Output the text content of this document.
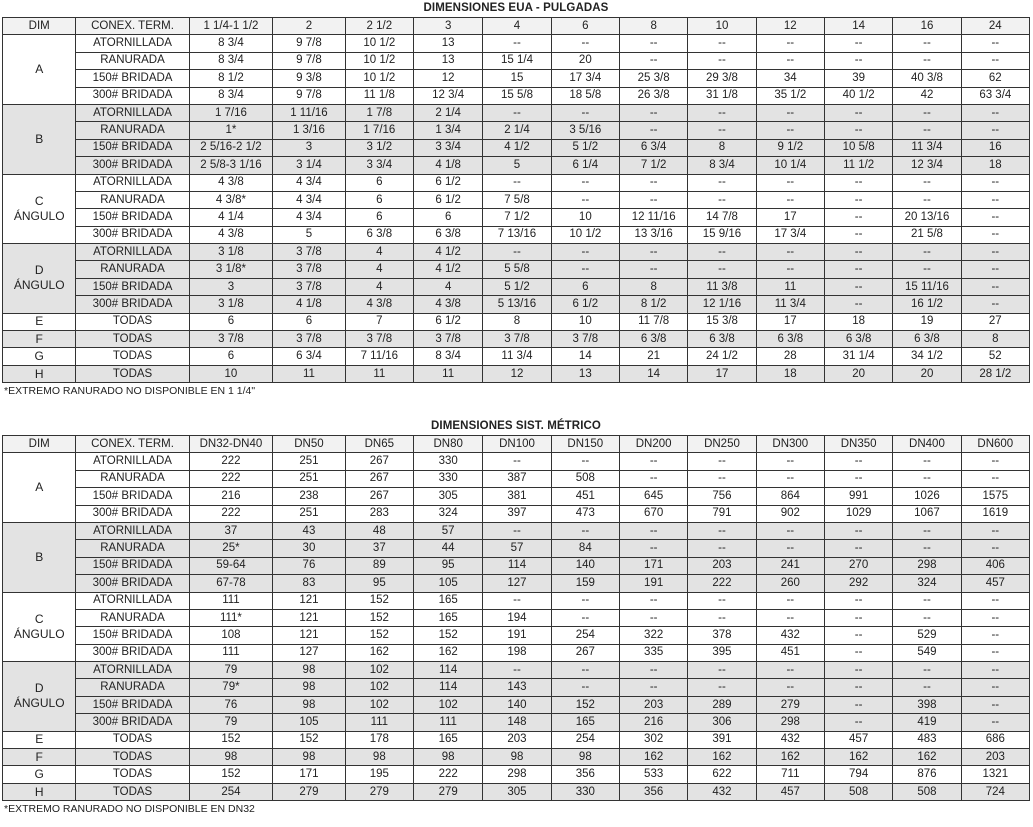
DIMENSIONES EUA - PULGADAS
DIM	CONEX. TERM.	1 1/4-1 1/2	2	2 1/2	3	4	6	8	10	12	14	16	24

A	ATORNILLADA	8 3/4	9 7/8	10 1/2	13	--	--	--	--	--	--	--	--
	RANURADA	8 3/4	9 7/8	10 1/2	13	15 1/4	20	--	--	--	--	--	--
	150# BRIDADA	8 1/2	9 3/8	10 1/2	12	15	17 3/4	25 3/8	29 3/8	34	39	40 3/8	62
	300# BRIDADA	8 3/4	9 7/8	11 1/8	12 3/4	15 5/8	18 5/8	26 3/8	31 1/8	35 1/2	40 1/2	42	63 3/4

B	ATORNILLADA	1 7/16	1 11/16	1 7/8	2 1/4	--	--	--	--	--	--	--	--
	RANURADA	1*	1 3/16	1 7/16	1 3/4	2 1/4	3 5/16	--	--	--	--	--	--
	150# BRIDADA	2 5/16-2 1/2	3	3 1/2	3 3/4	4 1/2	5 1/2	6 3/4	8	9 1/2	10 5/8	11 3/4	16
	300# BRIDADA	2 5/8-3 1/16	3 1/4	3 3/4	4 1/8	5	6 1/4	7 1/2	8 3/4	10 1/4	11 1/2	12 3/4	18

C
ÁNGULO	ATORNILLADA	4 3/8	4 3/4	6	6 1/2	--	--	--	--	--	--	--	--
	RANURADA	4 3/8*	4 3/4	6	6 1/2	7 5/8	--	--	--	--	--	--	--
	150# BRIDADA	4 1/4	4 3/4	6	6	7 1/2	10	12 11/16	14 7/8	17	--	20 13/16	--
	300# BRIDADA	4 3/8	5	6 3/8	6 3/8	7 13/16	10 1/2	13 3/16	15 9/16	17 3/4	--	21 5/8	--

D
ÁNGULO	ATORNILLADA	3 1/8	3 7/8	4	4 1/2	--	--	--	--	--	--	--	--
	RANURADA	3 1/8*	3 7/8	4	4 1/2	5 5/8	--	--	--	--	--	--	--
	150# BRIDADA	3	3 7/8	4	4	5 1/2	6	8	11 3/8	11	--	15 11/16	--
	300# BRIDADA	3 1/8	4 1/8	4 3/8	4 3/8	5 13/16	6 1/2	8 1/2	12 1/16	11 3/4	--	16 1/2	--

E	TODAS	6	6	7	6 1/2	8	10	11 7/8	15 3/8	17	18	19	27

F	TODAS	3 7/8	3 7/8	3 7/8	3 7/8	3 7/8	3 7/8	6 3/8	6 3/8	6 3/8	6 3/8	6 3/8	8

G	TODAS	6	6 3/4	7 11/16	8 3/4	11 3/4	14	21	24 1/2	28	31 1/4	34 1/2	52

H	TODAS	10	11	11	11	12	13	14	17	18	20	20	28 1/2
*EXTREMO RANURADO NO DISPONIBLE EN 1 1/4"
DIMENSIONES SIST. MÉTRICO
DIM	CONEX. TERM.	DN32-DN40	DN50	DN65	DN80	DN100	DN150	DN200	DN250	DN300	DN350	DN400	DN600

A	ATORNILLADA	222	251	267	330	--	--	--	--	--	--	--	--
	RANURADA	222	251	267	330	387	508	--	--	--	--	--	--
	150# BRIDADA	216	238	267	305	381	451	645	756	864	991	1026	1575
	300# BRIDADA	222	251	283	324	397	473	670	791	902	1029	1067	1619

B	ATORNILLADA	37	43	48	57	--	--	--	--	--	--	--	--
	RANURADA	25*	30	37	44	57	84	--	--	--	--	--	--
	150# BRIDADA	59-64	76	89	95	114	140	171	203	241	270	298	406
	300# BRIDADA	67-78	83	95	105	127	159	191	222	260	292	324	457

C
ÁNGULO	ATORNILLADA	111	121	152	165	--	--	--	--	--	--	--	--
	RANURADA	111*	121	152	165	194	--	--	--	--	--	--	--
	150# BRIDADA	108	121	152	152	191	254	322	378	432	--	529	--
	300# BRIDADA	111	127	162	162	198	267	335	395	451	--	549	--

D
ÁNGULO	ATORNILLADA	79	98	102	114	--	--	--	--	--	--	--	--
	RANURADA	79*	98	102	114	143	--	--	--	--	--	--	--
	150# BRIDADA	76	98	102	102	140	152	203	289	279	--	398	--
	300# BRIDADA	79	105	111	111	148	165	216	306	298	--	419	--

E	TODAS	152	152	178	165	203	254	302	391	432	457	483	686

F	TODAS	98	98	98	98	98	98	162	162	162	162	162	203

G	TODAS	152	171	195	222	298	356	533	622	711	794	876	1321

H	TODAS	254	279	279	279	305	330	356	432	457	508	508	724
*EXTREMO RANURADO NO DISPONIBLE EN DN32
